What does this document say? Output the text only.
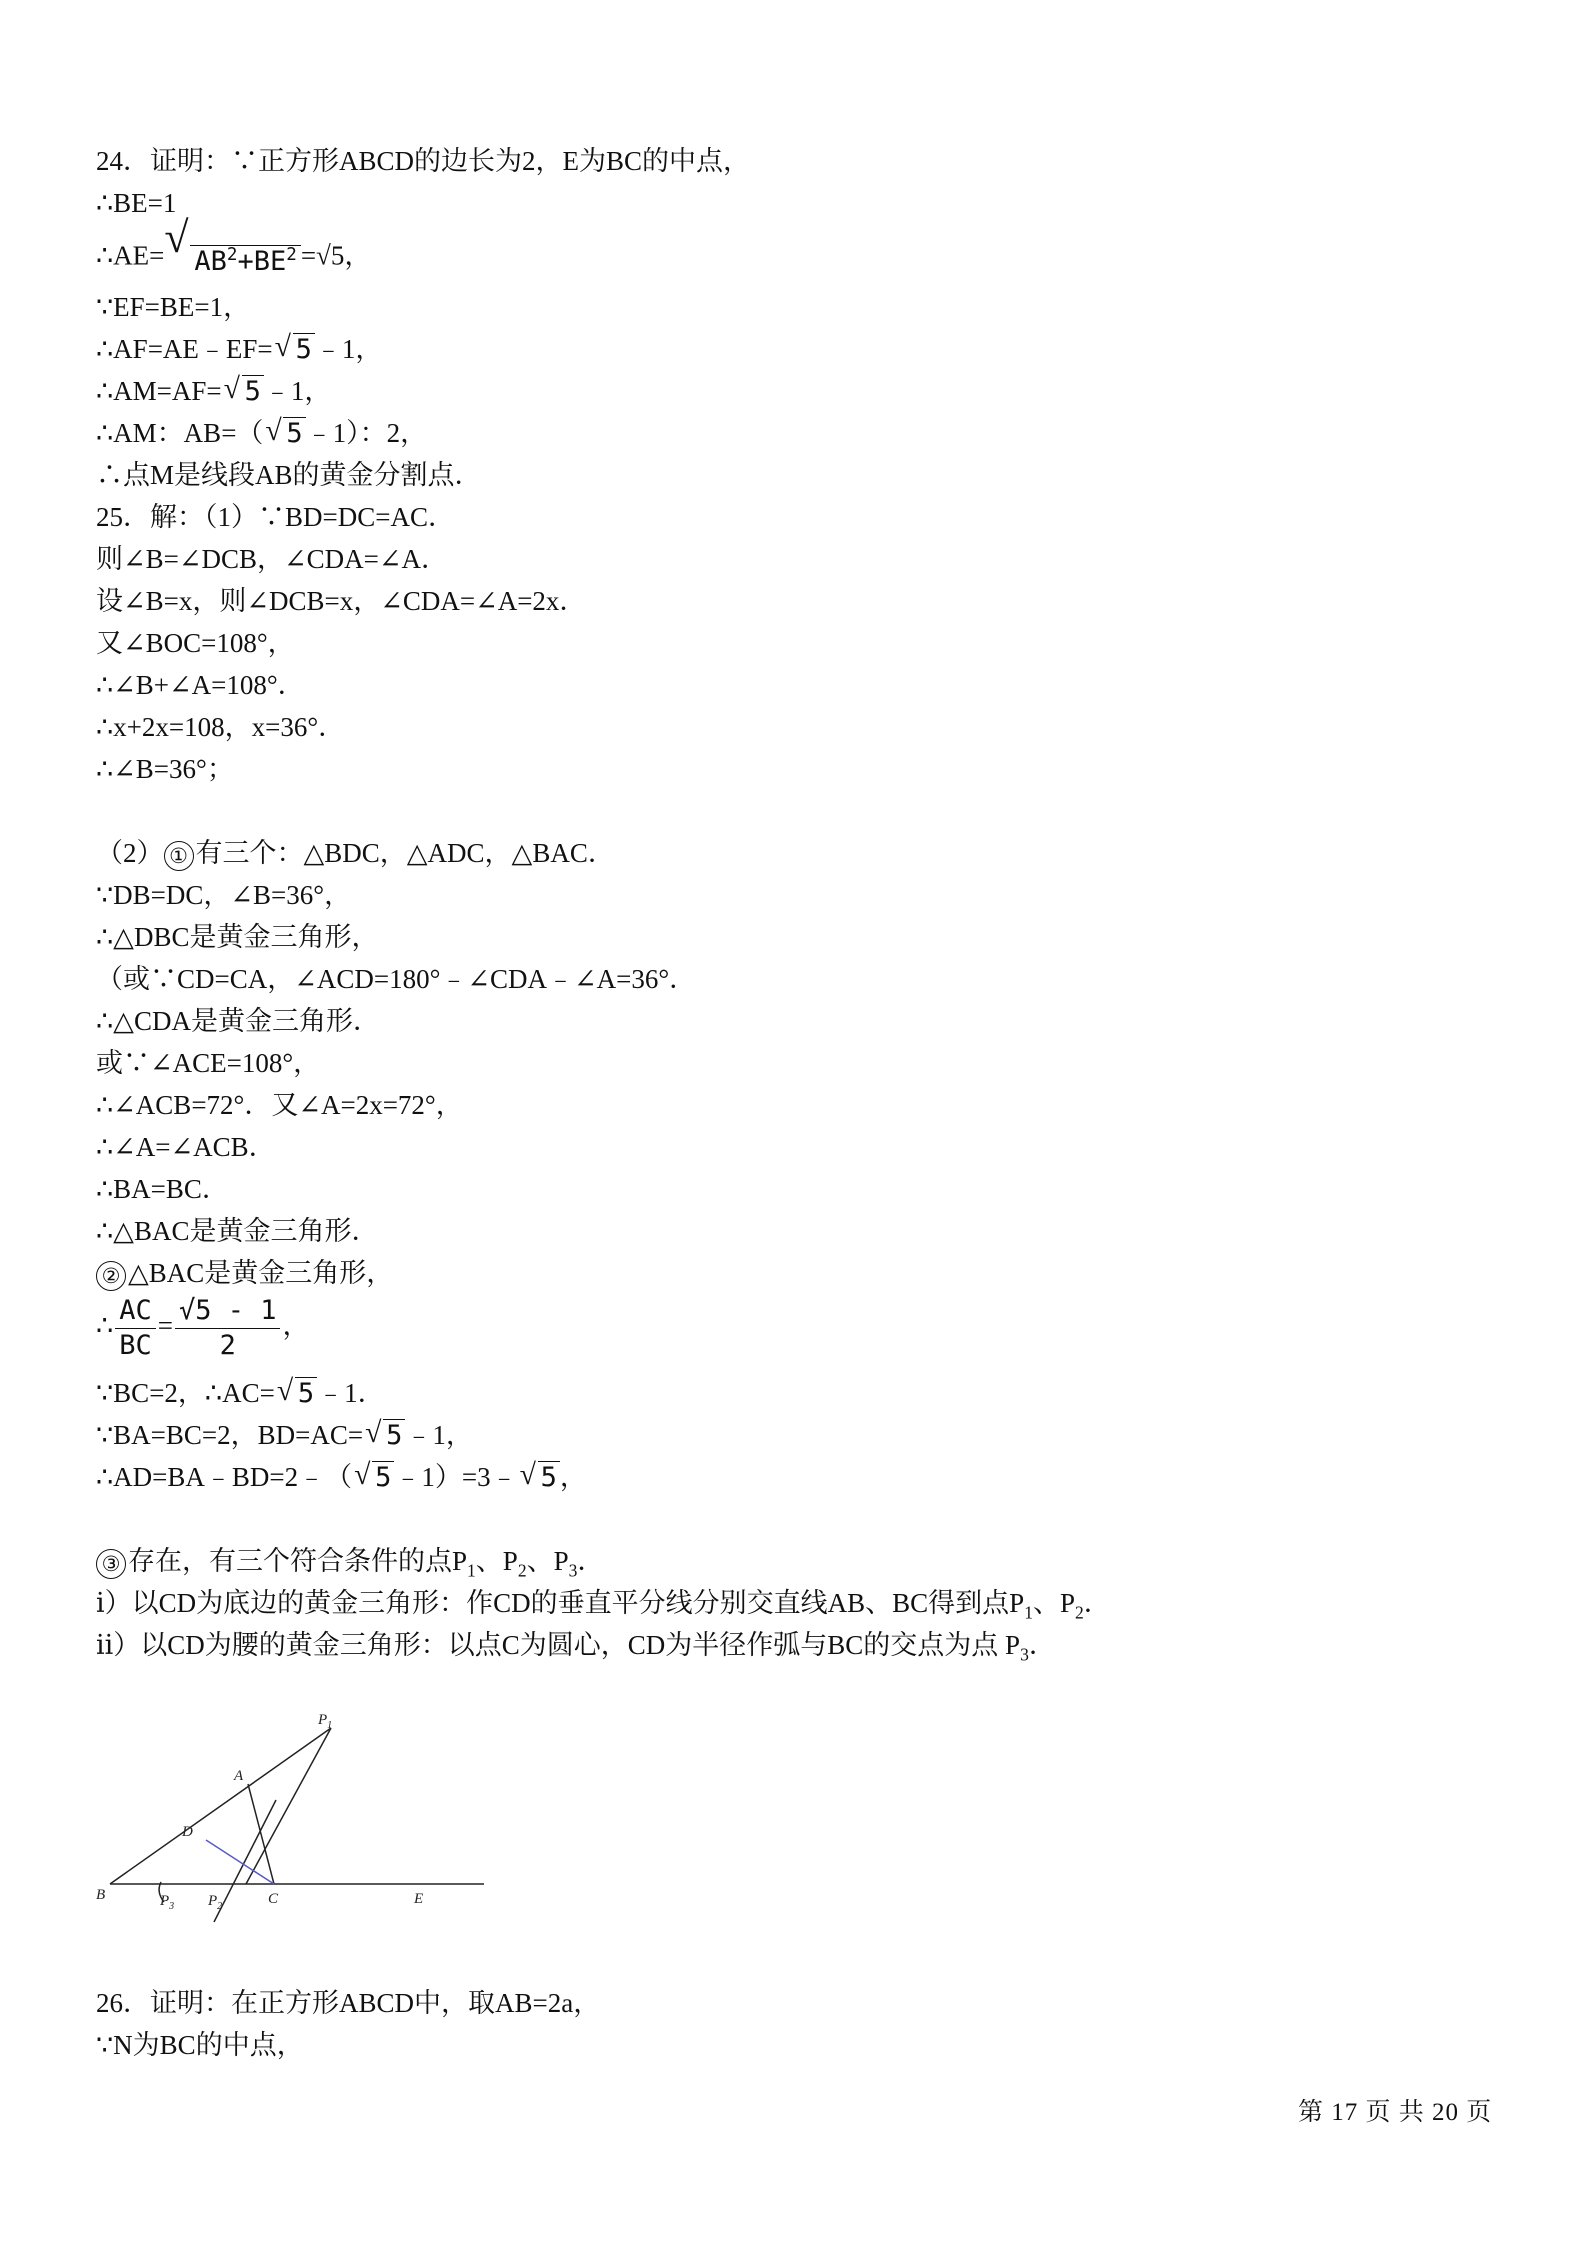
24．证明：∵正方形ABCD的边长为2，E为BC的中点，
∴BE=1
∴AE= √ $AB^2+BE^2 =√5$，
∵EF=BE=1，
∴AF=AE﹣EF= √ 5 ﹣1，
∴AM=AF= √ 5 ﹣1，
∴AM：AB=（ √ 5 ﹣1）：2，
∴点M是线段AB的黄金分割点．
25．解：（1）∵BD=DC=AC．
则∠B=∠DCB，∠CDA=∠A．
设∠B=x，则∠DCB=x，∠CDA=∠A=2x．
又∠BOC=108°，
∴∠B+∠A=108°．
∴x+2x=108，x=36°．
∴∠B=36°；
（2） ① 有三个：△BDC，△ADC，△BAC．
∵DB=DC，∠B=36°，
∴△DBC是黄金三角形，
（或∵CD=CA，∠ACD=180°﹣∠CDA﹣∠A=36°．
∴△CDA是黄金三角形．
或∵∠ACE=108°，
∴∠ACB=72°．又∠A=2x=72°，
∴∠A=∠ACB．
∴BA=BC．
∴△BAC是黄金三角形．
② △BAC是黄金三角形，
∴ $\frac{AC}{BC} = \frac{√5 - 1}{2}$ ，
∵BC=2，∴AC= √ 5 ﹣1．
∵BA=BC=2，BD=AC= √ 5 ﹣1，
∴AD=BA﹣BD=2﹣（ √ 5 ﹣1）=3﹣ √ 5 ，
③ 存在，有三个符合条件的点$P_1$、$P_2$、$P_3$．
ⅰ）以CD为底边的黄金三角形：作CD的垂直平分线分别交直线AB、BC得到点$P_1$、$P_2$．
ⅱ）以CD为腰的黄金三角形：以点C为圆心，CD为半径作弧与BC的交点为点 $P_3$．
$P_1$
A
D
B	$P_3$ $P_2$	C	E
26．证明：在正方形ABCD中，取AB=2a，
∵N为BC的中点，
第 17 页 共 20 页
